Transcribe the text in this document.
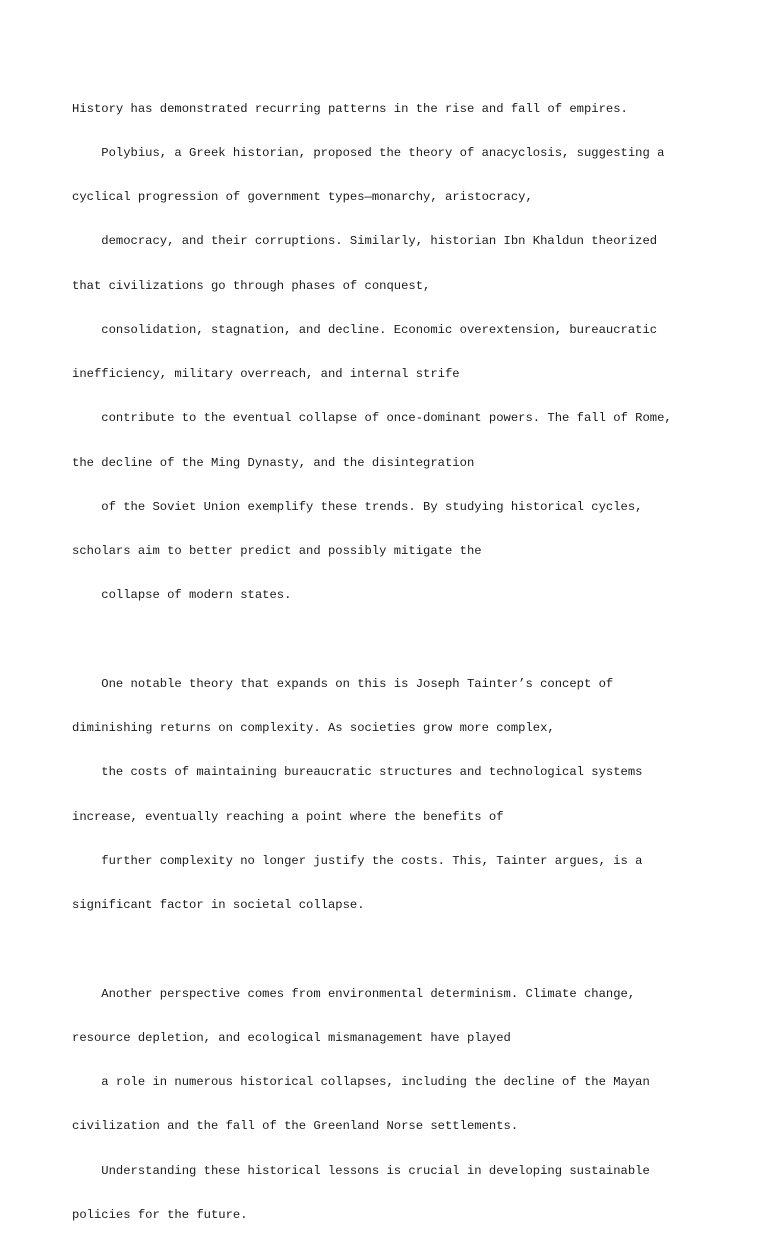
History has demonstrated recurring patterns in the rise and fall of empires.

Polybius, a Greek historian, proposed the theory of anacyclosis, suggesting a

cyclical progression of government types—monarchy, aristocracy,

democracy, and their corruptions. Similarly, historian Ibn Khaldun theorized

that civilizations go through phases of conquest,

consolidation, stagnation, and decline. Economic overextension, bureaucratic

inefficiency, military overreach, and internal strife

contribute to the eventual collapse of once-dominant powers. The fall of Rome,

the decline of the Ming Dynasty, and the disintegration

of the Soviet Union exemplify these trends. By studying historical cycles,

scholars aim to better predict and possibly mitigate the

collapse of modern states.

One notable theory that expands on this is Joseph Tainter’s concept of

diminishing returns on complexity. As societies grow more complex,

the costs of maintaining bureaucratic structures and technological systems

increase, eventually reaching a point where the benefits of

further complexity no longer justify the costs. This, Tainter argues, is a

significant factor in societal collapse.

Another perspective comes from environmental determinism. Climate change,

resource depletion, and ecological mismanagement have played

a role in numerous historical collapses, including the decline of the Mayan

civilization and the fall of the Greenland Norse settlements.

Understanding these historical lessons is crucial in developing sustainable

policies for the future.
